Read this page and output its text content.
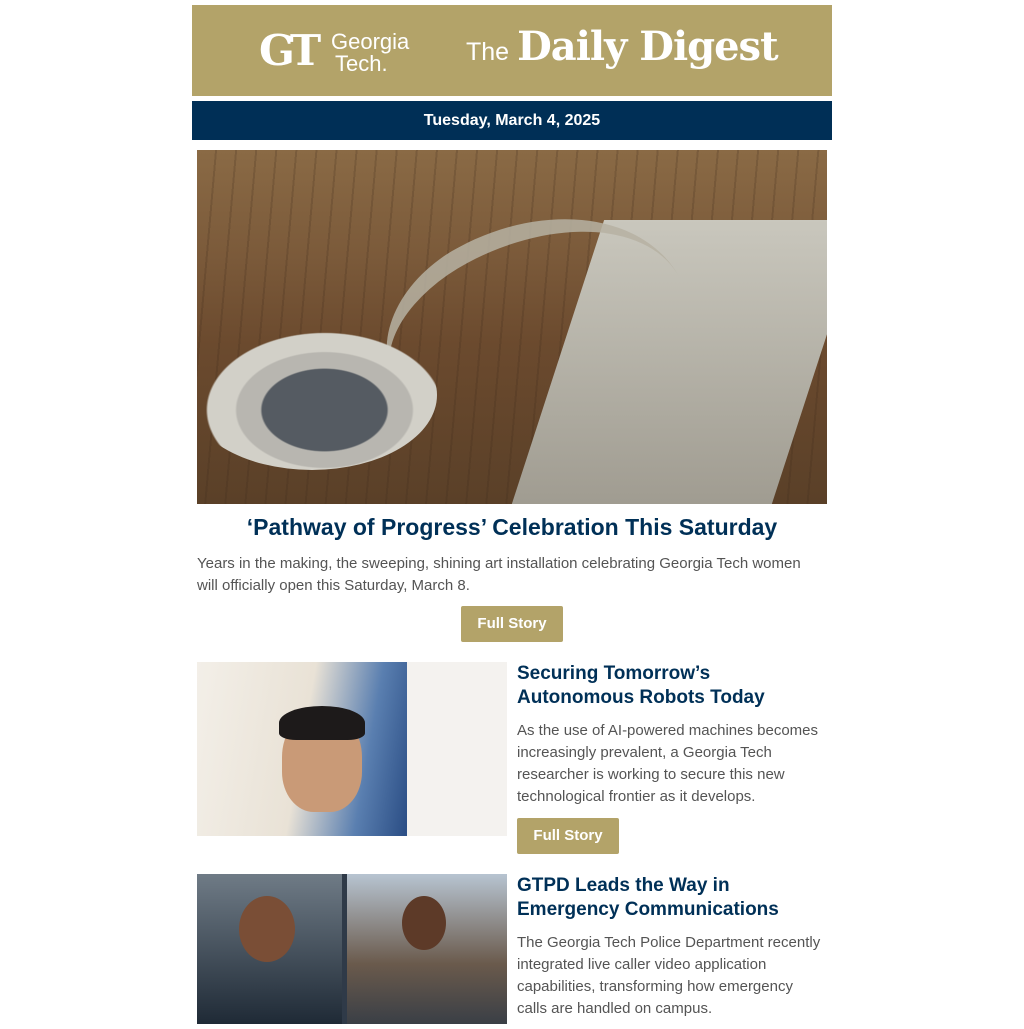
GT Georgia
Tech.	The Daily Digest
Tuesday, March 4, 2025
‘Pathway of Progress’ Celebration This Saturday
Years in the making, the sweeping, shining art installation celebrating Georgia Tech women will officially open this Saturday, March 8.
Full Story
Securing Tomorrow’s Autonomous Robots Today
As the use of AI-powered machines becomes increasingly prevalent, a Georgia Tech researcher is working to secure this new technological frontier as it develops.
Full Story
GTPD Leads the Way in Emergency Communications
The Georgia Tech Police Department recently integrated live caller video application capabilities, transforming how emergency calls are handled on campus.
